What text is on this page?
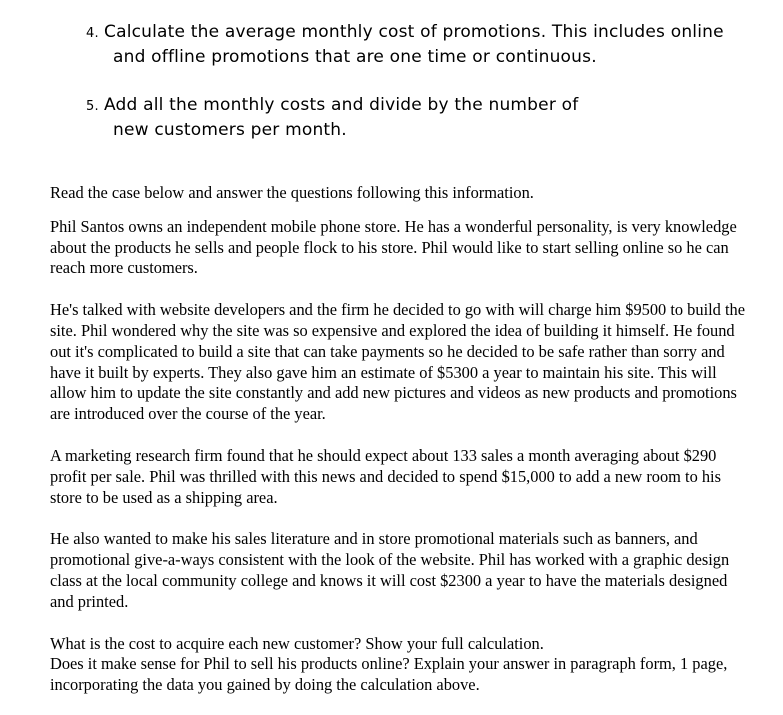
4. Calculate the average monthly cost of promotions. This includes online
and offline promotions that are one time or continuous.
5. Add all the monthly costs and divide by the number of
new customers per month.

Read the case below and answer the questions following this information.

Phil Santos owns an independent mobile phone store. He has a wonderful personality, is very knowledge about the products he sells and people flock to his store. Phil would like to start selling online so he can reach more customers.

He's talked with website developers and the firm he decided to go with will charge him $9500 to build the site. Phil wondered why the site was so expensive and explored the idea of building it himself. He found out it's complicated to build a site that can take payments so he decided to be safe rather than sorry and have it built by experts. They also gave him an estimate of $5300 a year to maintain his site. This will allow him to update the site constantly and add new pictures and videos as new products and promotions are introduced over the course of the year.

A marketing research firm found that he should expect about 133 sales a month averaging about $290 profit per sale. Phil was thrilled with this news and decided to spend $15,000 to add a new room to his store to be used as a shipping area.

He also wanted to make his sales literature and in store promotional materials such as banners, and promotional give-a-ways consistent with the look of the website. Phil has worked with a graphic design class at the local community college and knows it will cost $2300 a year to have the materials designed and printed.

What is the cost to acquire each new customer? Show your full calculation.

Does it make sense for Phil to sell his products online? Explain your answer in paragraph form, 1 page, incorporating the data you gained by doing the calculation above.
